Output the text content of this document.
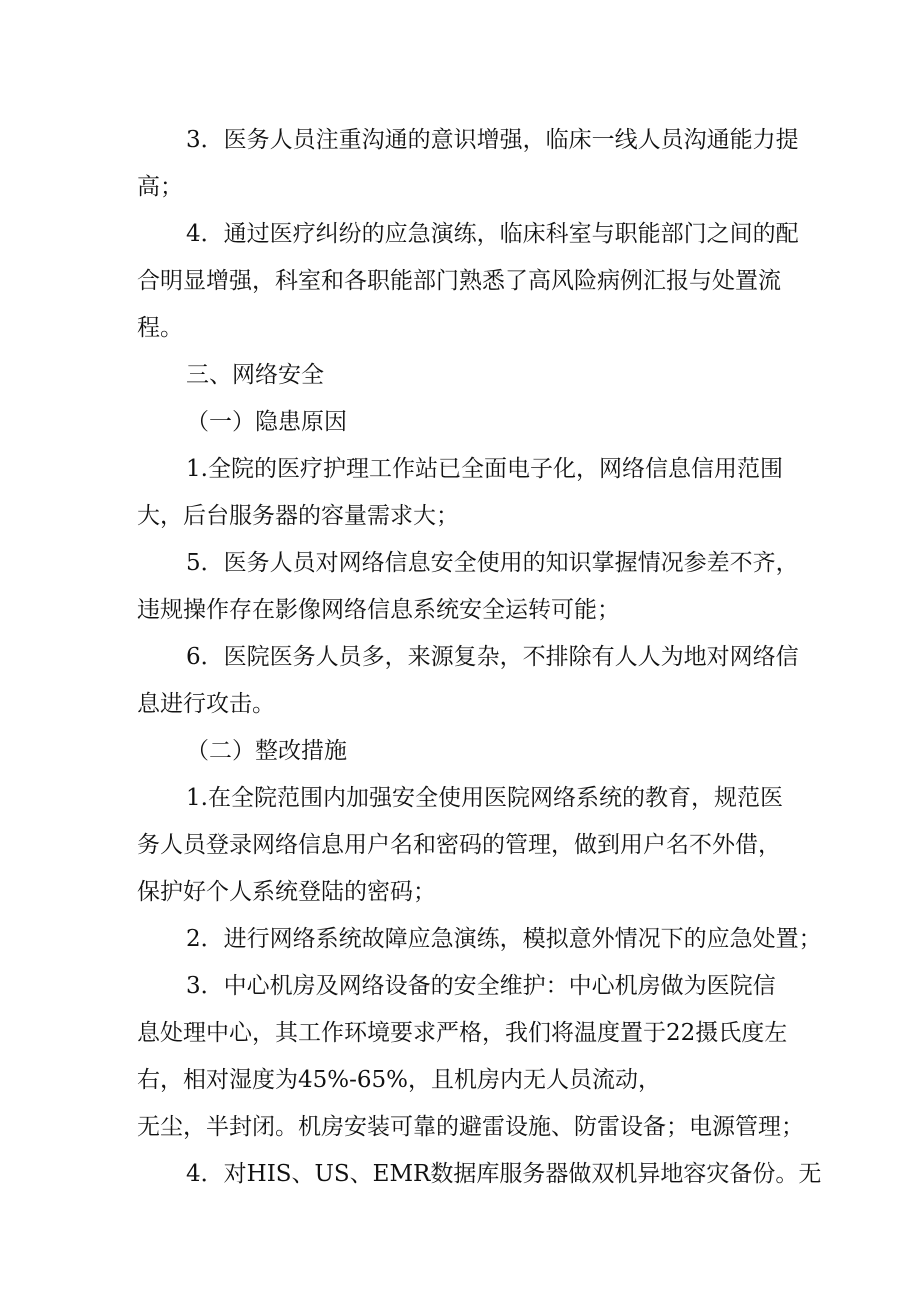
3．医务人员注重沟通的意识增强，临床一线人员沟通能力提
高；
4．通过医疗纠纷的应急演练，临床科室与职能部门之间的配
合明显增强，科室和各职能部门熟悉了高风险病例汇报与处置流
程。
三、网络安全
（一）隐患原因
1.全院的医疗护理工作站已全面电子化，网络信息信用范围
大，后台服务器的容量需求大；
5．医务人员对网络信息安全使用的知识掌握情况参差不齐，
违规操作存在影像网络信息系统安全运转可能；
6．医院医务人员多，来源复杂，不排除有人人为地对网络信
息进行攻击。
（二）整改措施
1.在全院范围内加强安全使用医院网络系统的教育，规范医
务人员登录网络信息用户名和密码的管理，做到用户名不外借，
保护好个人系统登陆的密码；
2．进行网络系统故障应急演练，模拟意外情况下的应急处置；
3．中心机房及网络设备的安全维护：中心机房做为医院信
息处理中心，其工作环境要求严格，我们将温度置于22摄氏度左
右，相对湿度为45%-65%，且机房内无人员流动，
无尘，半封闭。机房安装可靠的避雷设施、防雷设备；电源管理；
4．对HIS、US、EMR数据库服务器做双机异地容灾备份。无
